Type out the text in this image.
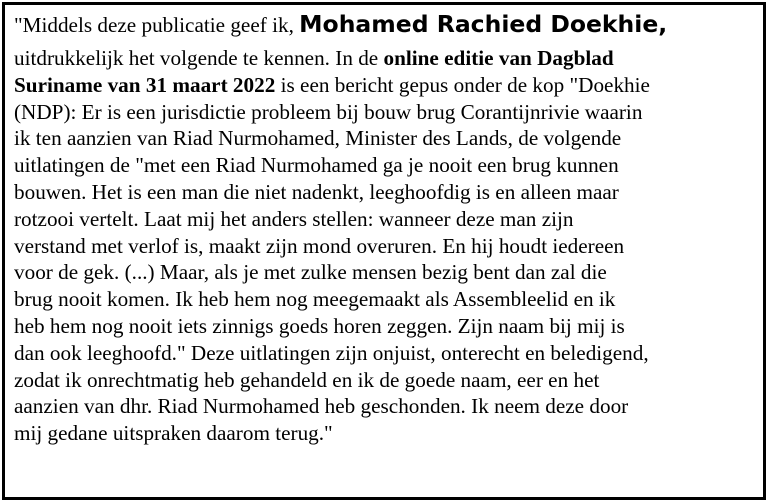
"Middels deze publicatie geef ik, Mohamed Rachied Doekhie,
uitdrukkelijk het volgende te kennen. In de online editie van Dagblad
Suriname van 31 maart 2022 is een bericht gepus onder de kop "Doekhie
(NDP): Er is een jurisdictie probleem bij bouw brug Corantijnrivie waarin
ik ten aanzien van Riad Nurmohamed, Minister des Lands, de volgende
uitlatingen de "met een Riad Nurmohamed ga je nooit een brug kunnen
bouwen. Het is een man die niet nadenkt, leeghoofdig is en alleen maar
rotzooi vertelt. Laat mij het anders stellen: wanneer deze man zijn
verstand met verlof is, maakt zijn mond overuren. En hij houdt iedereen
voor de gek. (...) Maar, als je met zulke mensen bezig bent dan zal die
brug nooit komen. Ik heb hem nog meegemaakt als Assembleelid en ik
heb hem nog nooit iets zinnigs goeds horen zeggen. Zijn naam bij mij is
dan ook leeghoofd." Deze uitlatingen zijn onjuist, onterecht en beledigend,
zodat ik onrechtmatig heb gehandeld en ik de goede naam, eer en het
aanzien van dhr. Riad Nurmohamed heb geschonden. Ik neem deze door
mij gedane uitspraken daarom terug."
